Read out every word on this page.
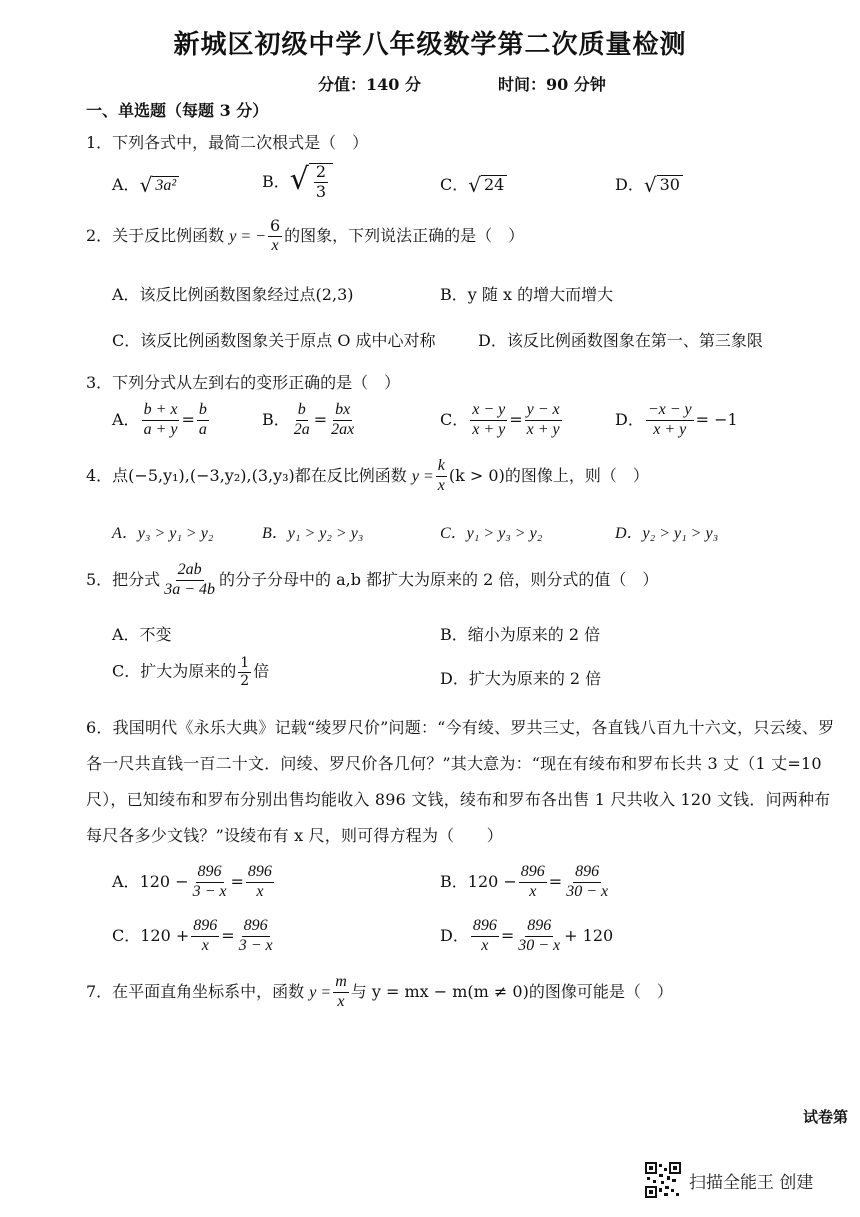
新城区初级中学八年级数学第二次质量检测
分值：140 分	时间：90 分钟
一、单选题（每题 3 分）
1．下列各式中，最简二次根式是（　）
A．√ 3a²	B．√ $\frac{2}{3}$	C．√ 24	D．√ 30
2．关于反比例函数 y = − $\frac{6}{x}$ 的图象，下列说法正确的是（　）
A．该反比例函数图象经过点(2,3)	B．y 随 x 的增大而增大
C．该反比例函数图象关于原点 O 成中心对称	D．该反比例函数图象在第一、第三象限
3．下列分式从左到右的变形正确的是（　）
A． $\frac{b + x}{a + y} = \frac{b}{a}$	B． $\frac{b}{2a} = \frac{bx}{2ax}$	C． $\frac{x - y}{x + y} = \frac{y - x}{x + y}$	D． $\frac{-x - y}{x + y} = -1$
4．点(−5,y₁),(−3,y₂),(3,y₃)都在反比例函数 $y = \frac{k}{x} (k > 0)$的图像上，则（　）
A．y₃ > y₁ > y₂	B．y₁ > y₂ > y₃	C．y₁ > y₃ > y₂	D．y₂ > y₁ > y₃
5．把分式 $\frac{2ab}{3a - 4b}$ 的分子分母中的 a,b 都扩大为原来的 2 倍，则分式的值（　）
A．不变	B．缩小为原来的 2 倍
C．扩大为原来的 $\frac{1}{2}$ 倍	D．扩大为原来的 2 倍
6．我国明代《永乐大典》记载“绫罗尺价”问题：“今有绫、罗共三丈，各直钱八百九十六文，只云绫、罗各一尺共直钱一百二十文．问绫、罗尺价各几何？”其大意为：“现在有绫布和罗布长共 3 丈（1 丈=10 尺），已知绫布和罗布分别出售均能收入 896 文钱，绫布和罗布各出售 1 尺共收入 120 文钱．问两种布每尺各多少文钱？”设绫布有 x 尺，则可得方程为（　　）
A．$120 - \frac{896}{3 - x} = \frac{896}{x}$	B．$120 - \frac{896}{x} = \frac{896}{30 - x}$
C．$120 + \frac{896}{x} = \frac{896}{3 - x}$	D． $\frac{896}{x} = \frac{896}{30 - x} + 120$
7．在平面直角坐标系中，函数 $y = \frac{m}{x}$ 与 y = mx − m(m ≠ 0)的图像可能是（　）
试卷第
扫描全能王 创建
